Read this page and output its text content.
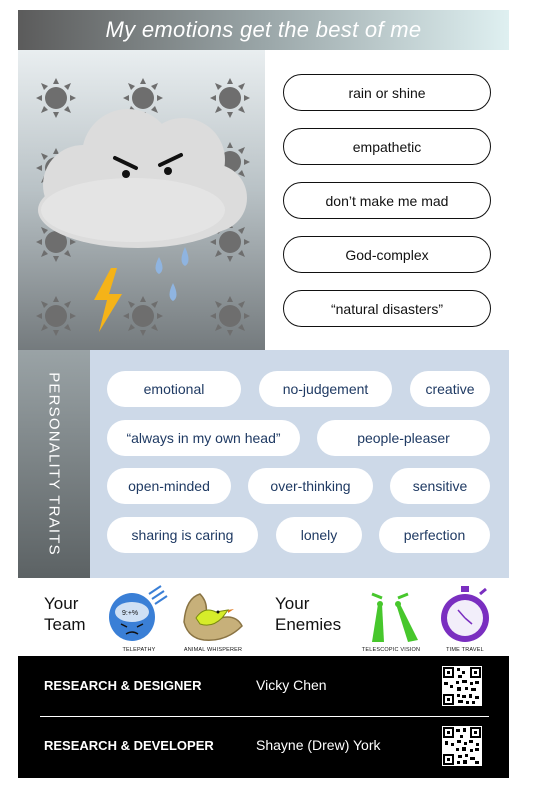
My emotions get the best of me
rain or shine
empathetic
don’t make me mad
God-complex
“natural disasters”
PERSONALITY TRAITS	emotional	no-judgement	creative
“always in my own head”	people-pleaser
open-minded	over-thinking	sensitive
sharing is caring	lonely	perfection
Your
Team
9:+%
TELEPATHY	ANIMAL WHISPERER
Your
Enemies
TELESCOPIC VISION	TIME TRAVEL
RESEARCH & DESIGNER	Vicky Chen
RESEARCH & DEVELOPER	Shayne (Drew) York
